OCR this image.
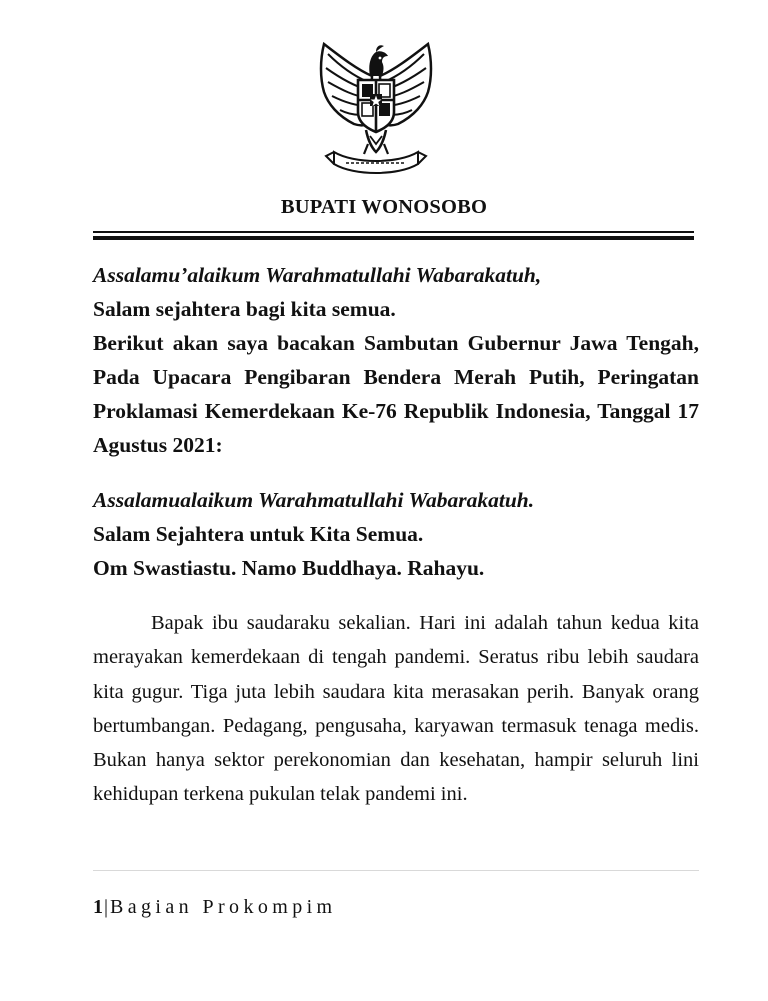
BUPATI WONOSOBO

Assalamu’alaikum Warahmatullahi Wabarakatuh,

Salam sejahtera bagi kita semua.

Berikut akan saya bacakan Sambutan Gubernur Jawa Tengah, Pada Upacara Pengibaran Bendera Merah Putih, Peringatan Proklamasi Kemerdekaan Ke-76 Republik Indonesia, Tanggal 17 Agustus 2021:

Assalamualaikum Warahmatullahi Wabarakatuh.

Salam Sejahtera untuk Kita Semua.

Om Swastiastu. Namo Buddhaya. Rahayu.

Bapak ibu saudaraku sekalian. Hari ini adalah tahun kedua kita merayakan kemerdekaan di tengah pandemi. Seratus ribu lebih saudara kita gugur. Tiga juta lebih saudara kita merasakan perih. Banyak orang bertumbangan. Pedagang, pengusaha, karyawan termasuk tenaga medis. Bukan hanya sektor perekonomian dan kesehatan, hampir seluruh lini kehidupan terkena pukulan telak pandemi ini.

1|Bagian Prokompim
